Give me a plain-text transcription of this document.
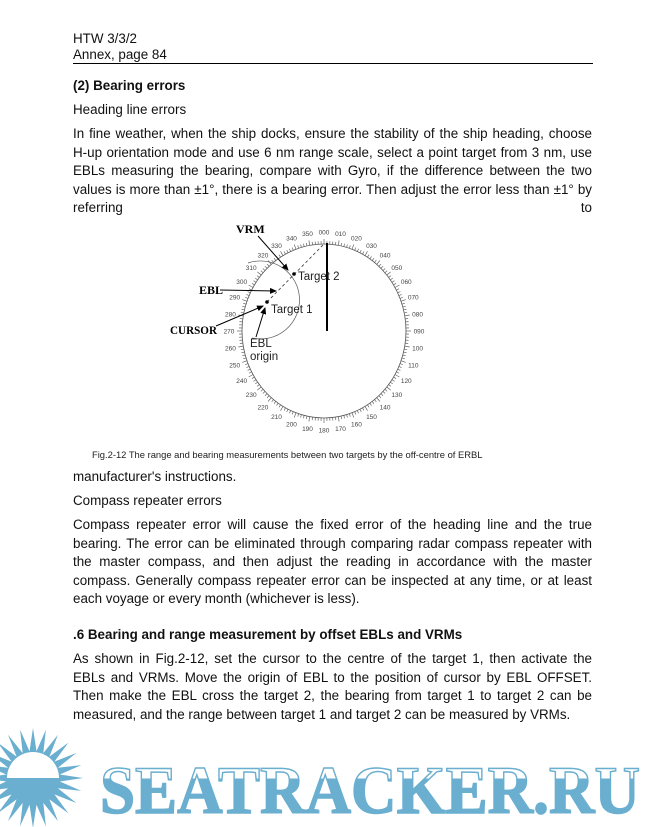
HTW 3/3/2
Annex, page 84
(2) Bearing errors
Heading line errors
In fine weather, when the ship docks, ensure the stability of the ship heading, choose H-up orientation mode and use 6 nm range scale, select a point target from 3 nm, use EBLs measuring the bearing, compare with Gyro, if the difference between the two values is more than ±1°, there is a bearing error. Then adjust the error less than ±1° by referring to
000 010
020
030
040
050
060
070
080
090
100
110
120
130
140
150
160
170
180
190
200
210
220
230
240
250
260
270
280
290
300
310
320
330
340
350
VRM
EBL
CURSOR
Target 2
Target 1
EBL
origin
Fig.2-12 The range and bearing measurements between two targets by the off-centre of ERBL
manufacturer's instructions.
Compass repeater errors
Compass repeater error will cause the fixed error of the heading line and the true bearing. The error can be eliminated through comparing radar compass repeater with the master compass, and then adjust the reading in accordance with the master compass. Generally compass repeater error can be inspected at any time, or at least each voyage or every month (whichever is less).
.6 Bearing and range measurement by offset EBLs and VRMs
As shown in Fig.2-12, set the cursor to the centre of the target 1, then activate the EBLs and VRMs. Move the origin of EBL to the position of cursor by EBL OFFSET. Then make the EBL cross the target 2, the bearing from target 1 to target 2 can be measured, and the range between target 1 and target 2 can be measured by VRMs.
SEATRACKER.RU
